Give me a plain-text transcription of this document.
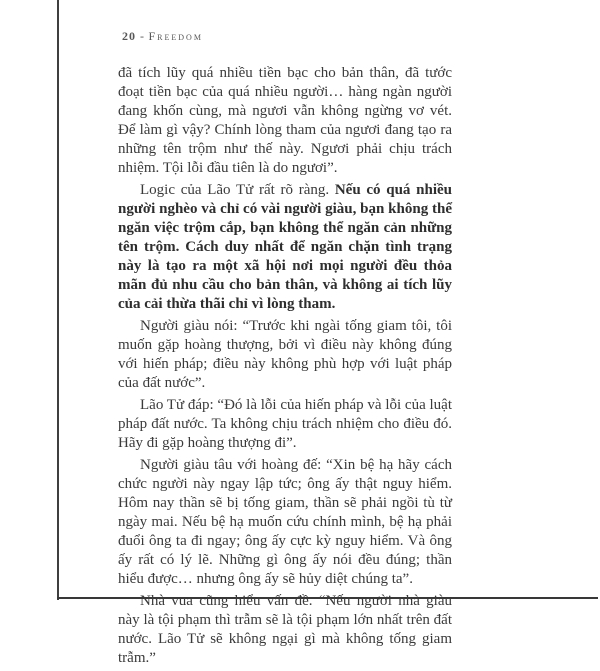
20 - Freedom

đã tích lũy quá nhiều tiền bạc cho bản thân, đã tước đoạt tiền bạc của quá nhiều người… hàng ngàn người đang khốn cùng, mà ngươi vẫn không ngừng vơ vét. Để làm gì vậy? Chính lòng tham của ngươi đang tạo ra những tên trộm như thế này. Ngươi phải chịu trách nhiệm. Tội lỗi đầu tiên là do ngươi”.

Logic của Lão Tử rất rõ ràng. Nếu có quá nhiều người nghèo và chỉ có vài người giàu, bạn không thể ngăn việc trộm cắp, bạn không thể ngăn cản những tên trộm. Cách duy nhất để ngăn chặn tình trạng này là tạo ra một xã hội nơi mọi người đều thỏa mãn đủ nhu cầu cho bản thân, và không ai tích lũy của cải thừa thãi chỉ vì lòng tham.

Người giàu nói: “Trước khi ngài tống giam tôi, tôi muốn gặp hoàng thượng, bởi vì điều này không đúng với hiến pháp; điều này không phù hợp với luật pháp của đất nước”.

Lão Tử đáp: “Đó là lỗi của hiến pháp và lỗi của luật pháp đất nước. Ta không chịu trách nhiệm cho điều đó. Hãy đi gặp hoàng thượng đi”.

Người giàu tâu với hoàng đế: “Xin bệ hạ hãy cách chức người này ngay lập tức; ông ấy thật nguy hiểm. Hôm nay thần sẽ bị tống giam, thần sẽ phải ngồi tù từ ngày mai. Nếu bệ hạ muốn cứu chính mình, bệ hạ phải đuổi ông ta đi ngay; ông ấy cực kỳ nguy hiểm. Và ông ấy rất có lý lẽ. Những gì ông ấy nói đều đúng; thần hiểu được… nhưng ông ấy sẽ hủy diệt chúng ta”.

Nhà vua cũng hiểu vấn đề. “Nếu người nhà giàu này là tội phạm thì trẫm sẽ là tội phạm lớn nhất trên đất nước. Lão Tử sẽ không ngại gì mà không tống giam trẫm.”
